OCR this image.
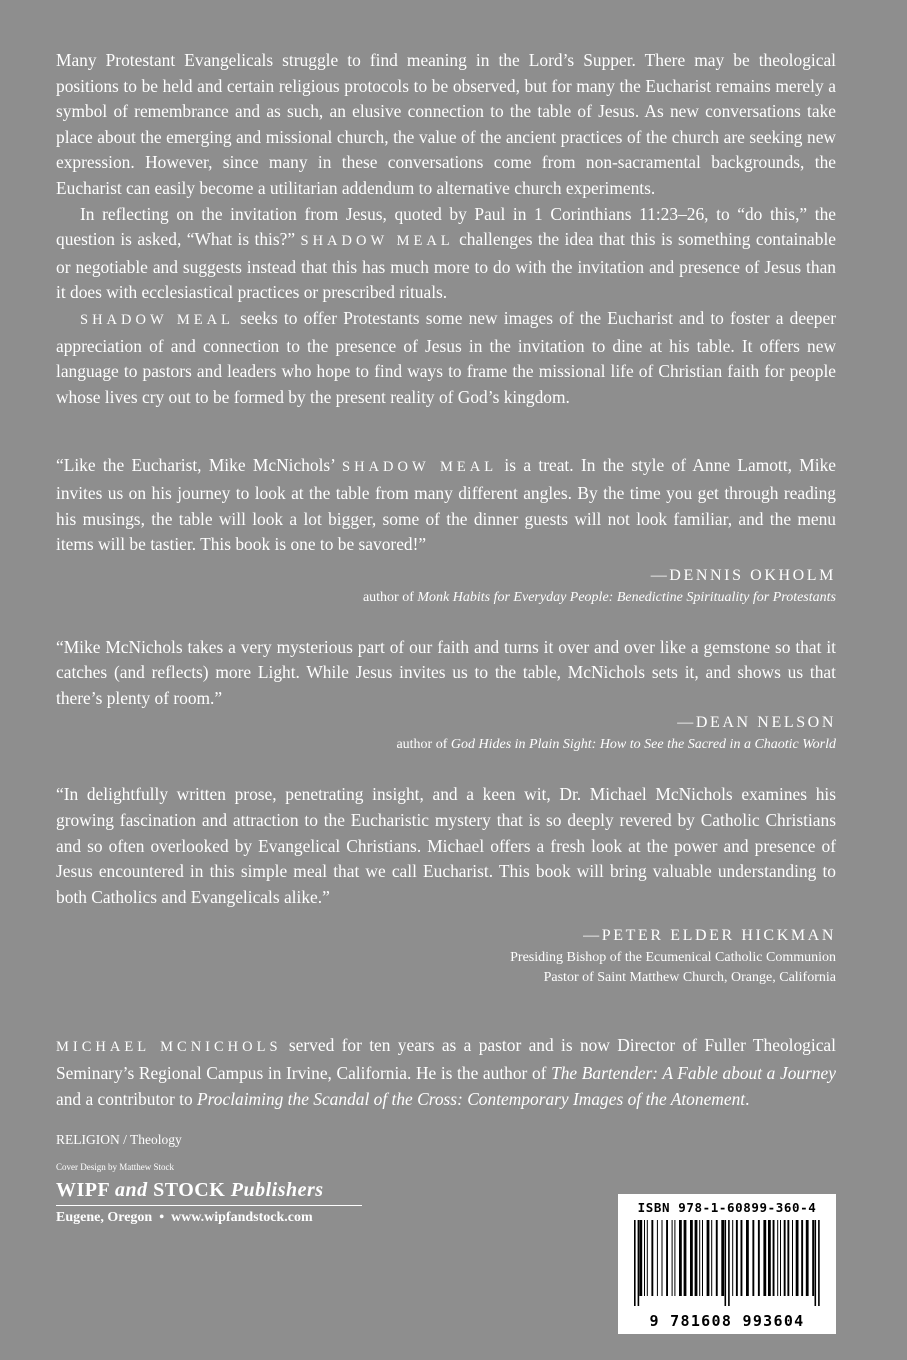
Many Protestant Evangelicals struggle to find meaning in the Lord’s Supper. There may be theological positions to be held and certain religious protocols to be observed, but for many the Eucharist remains merely a symbol of remembrance and as such, an elusive connection to the table of Jesus. As new conversations take place about the emerging and missional church, the value of the ancient practices of the church are seeking new expression. However, since many in these conversations come from non-sacramental backgrounds, the Eucharist can easily become a utilitarian addendum to alternative church experiments.

In reflecting on the invitation from Jesus, quoted by Paul in 1 Corinthians 11:23–26, to “do this,” the question is asked, “What is this?” SHADOW MEAL challenges the idea that this is something containable or negotiable and suggests instead that this has much more to do with the invitation and presence of Jesus than it does with ecclesiastical practices or prescribed rituals.

SHADOW MEAL seeks to offer Protestants some new images of the Eucharist and to foster a deeper appreciation of and connection to the presence of Jesus in the invitation to dine at his table. It offers new language to pastors and leaders who hope to find ways to frame the missional life of Christian faith for people whose lives cry out to be formed by the present reality of God’s kingdom.

“Like the Eucharist, Mike McNichols’ SHADOW MEAL is a treat. In the style of Anne Lamott, Mike invites us on his journey to look at the table from many different angles. By the time you get through reading his musings, the table will look a lot bigger, some of the dinner guests will not look familiar, and the menu items will be tastier. This book is one to be savored!”

—DENNIS OKHOLM
author of Monk Habits for Everyday People: Benedictine Spirituality for Protestants

“Mike McNichols takes a very mysterious part of our faith and turns it over and over like a gemstone so that it catches (and reflects) more Light. While Jesus invites us to the table, McNichols sets it, and shows us that there’s plenty of room.”

—DEAN NELSON
author of God Hides in Plain Sight: How to See the Sacred in a Chaotic World

“In delightfully written prose, penetrating insight, and a keen wit, Dr. Michael McNichols examines his growing fascination and attraction to the Eucharistic mystery that is so deeply revered by Catholic Christians and so often overlooked by Evangelical Christians. Michael offers a fresh look at the power and presence of Jesus encountered in this simple meal that we call Eucharist. This book will bring valuable understanding to both Catholics and Evangelicals alike.”

—PETER ELDER HICKMAN
Presiding Bishop of the Ecumenical Catholic Communion
Pastor of Saint Matthew Church, Orange, California

MICHAEL MCNICHOLS served for ten years as a pastor and is now Director of Fuller Theological Seminary’s Regional Campus in Irvine, California. He is the author of The Bartender: A Fable about a Journey and a contributor to Proclaiming the Scandal of the Cross: Contemporary Images of the Atonement.

RELIGION / Theology
Cover Design by Matthew Stock
WIPF and STOCK Publishers
Eugene, Oregon  •  www.wipfandstock.com
ISBN 978-1-60899-360-4
9 781608 993604
